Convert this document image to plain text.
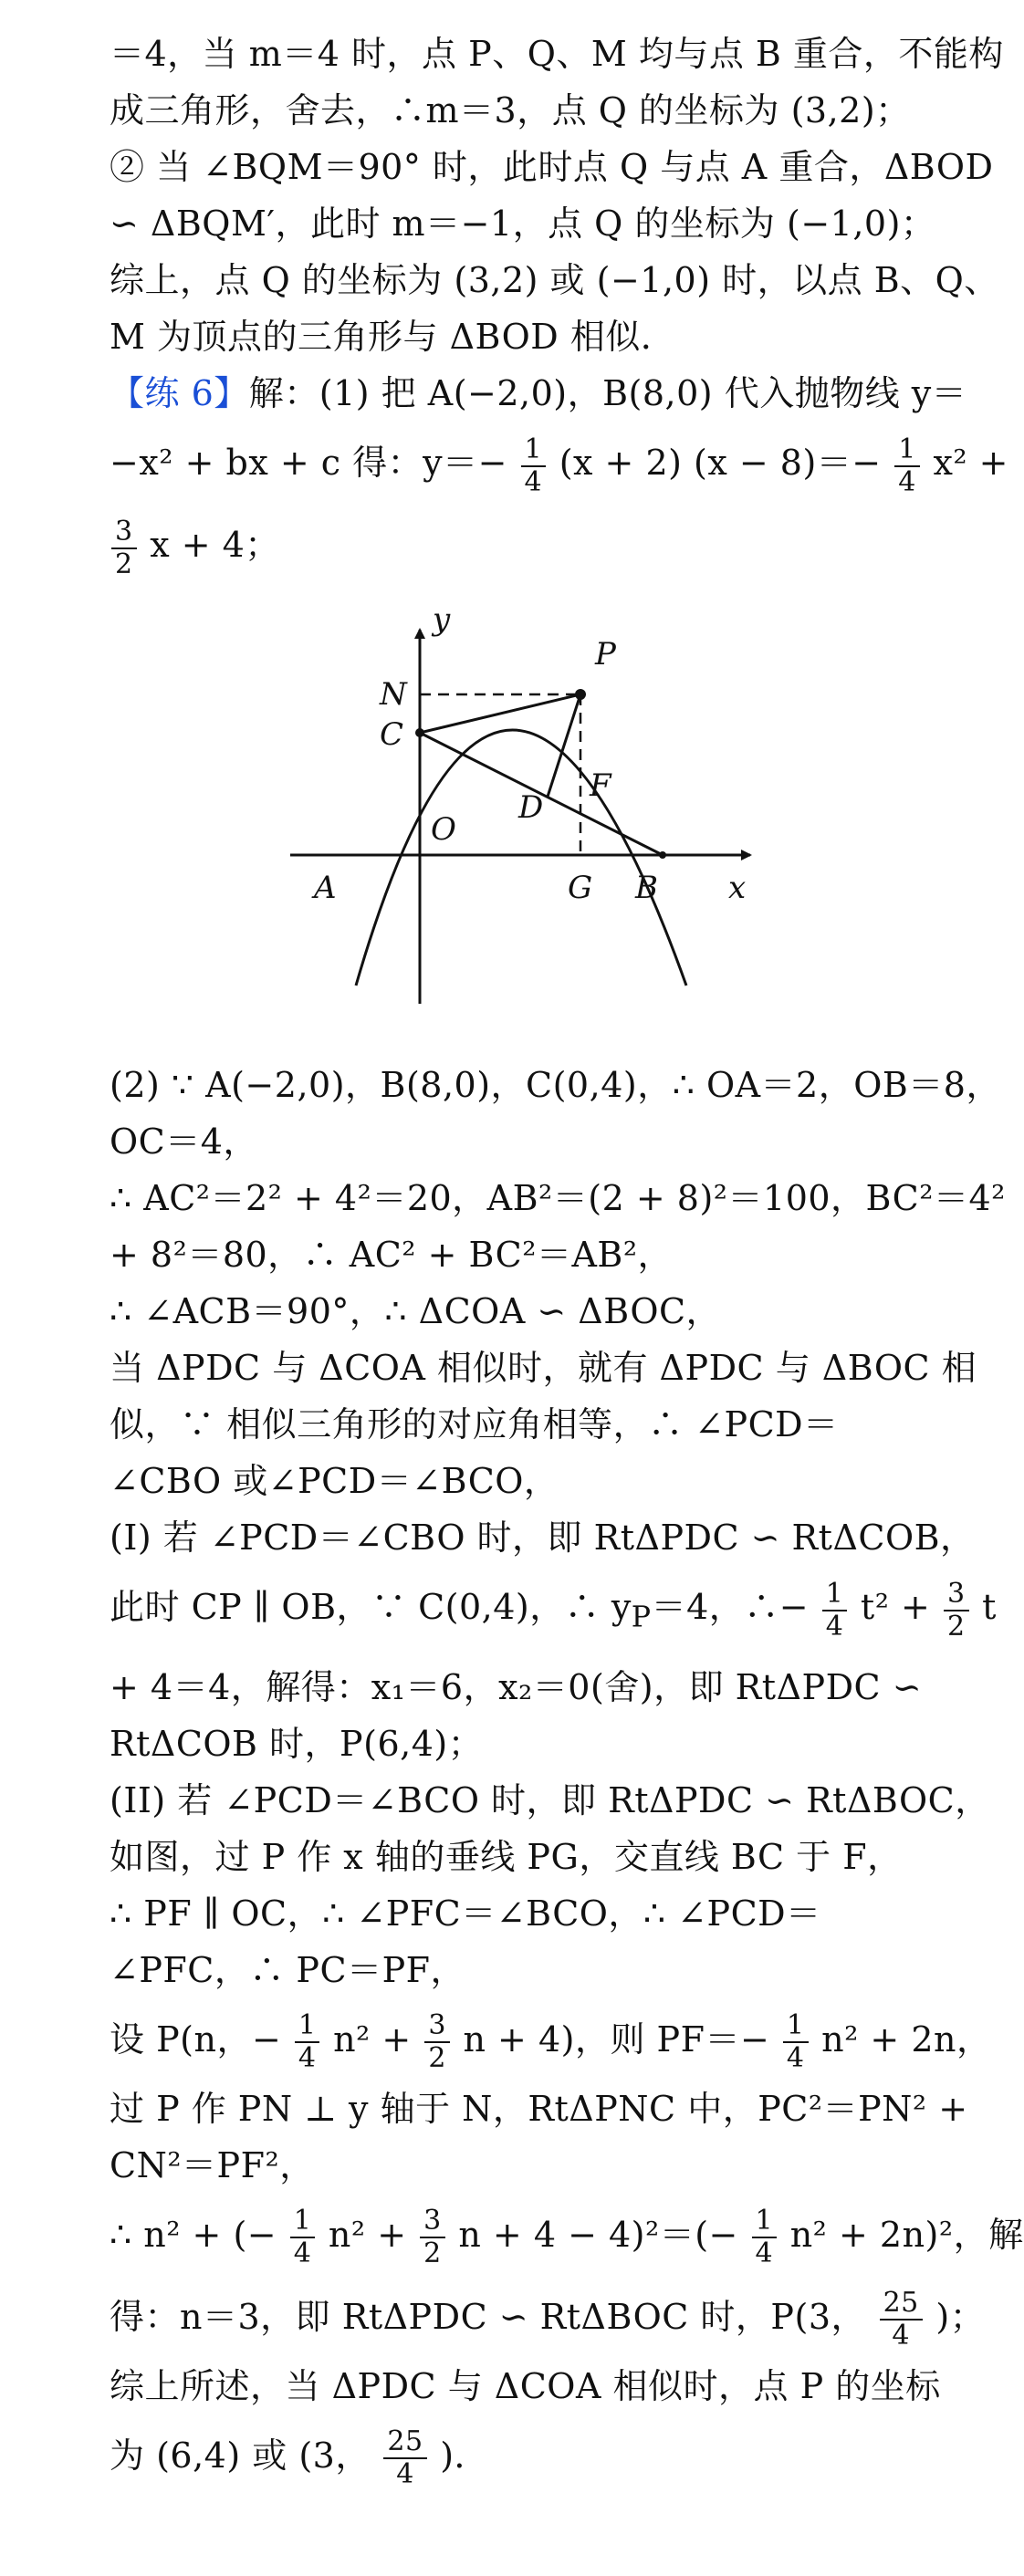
＝4，当 m＝4 时，点 P、Q、M 均与点 B 重合，不能构
成三角形，舍去，∴m＝3，点 Q 的坐标为 (3,2)；
② 当 ∠BQM＝90° 时，此时点 Q 与点 A 重合，ΔBOD
∽ ΔBQM′，此时 m＝−1，点 Q 的坐标为 (−1,0)；
综上，点 Q 的坐标为 (3,2) 或 (−1,0) 时，以点 B、Q、
M 为顶点的三角形与 ΔBOD 相似．
【练 6】解：(1) 把 A(−2,0)，B(8,0) 代入抛物线 y＝
−x² + bx + c 得：$y=- \frac{1}{4} (x + 2) (x - 8)=- \frac{1}{4} x^2$ +
$\frac{3}{2}$ x + 4；
y
x
P
N
C
D
F
O
A	G B
(2) ∵ A(−2,0)，B(8,0)，C(0,4)，∴ OA＝2，OB＝8，
OC＝4，
∴ AC²＝2² + 4²＝20，AB²＝(2 + 8)²＝100，BC²＝4²
+ 8²＝80，∴ AC² + BC²＝AB²，
∴ ∠ACB＝90°，∴ ΔCOA ∽ ΔBOC，
当 ΔPDC 与 ΔCOA 相似时，就有 ΔPDC 与 ΔBOC 相
似，∵ 相似三角形的对应角相等，∴ ∠PCD＝
∠CBO 或∠PCD＝∠BCO，
(I) 若 ∠PCD＝∠CBO 时，即 RtΔPDC ∽ RtΔCOB，
此时 CP ∥ OB，∵ C(0,4)，∴ $y_P=4$，∴− $\frac{1}{4} t^2 + \frac{3}{2}$ t
+ 4＝4，解得：x₁＝6，x₂＝0(舍)，即 RtΔPDC ∽
RtΔCOB 时，P(6,4)；
(II) 若 ∠PCD＝∠BCO 时，即 RtΔPDC ∽ RtΔBOC，
如图，过 P 作 x 轴的垂线 PG，交直线 BC 于 F，
∴ PF ∥ OC，∴ ∠PFC＝∠BCO，∴ ∠PCD＝
∠PFC，∴ PC＝PF，
设 P(n，− $\frac{1}{4} n^2 + \frac{3}{2}$ n + 4)，则 $PF=- \frac{1}{4} n^2 + 2n$，
过 P 作 PN ⊥ y 轴于 N，RtΔPNC 中，PC²＝PN² +
CN²＝PF²，
∴ n² + (− $\frac{1}{4} n^2 + \frac{3}{2}$ $n + 4 - 4)^2=(- \frac{1}{4} n^2 + 2n)^2$，解
得：n＝3，即 RtΔPDC ∽ RtΔBOC 时，P(3， $\frac{25}{4}$ )；
综上所述，当 ΔPDC 与 ΔCOA 相似时，点 P 的坐标
为 (6,4) 或 (3， $\frac{25}{4}$ )．
